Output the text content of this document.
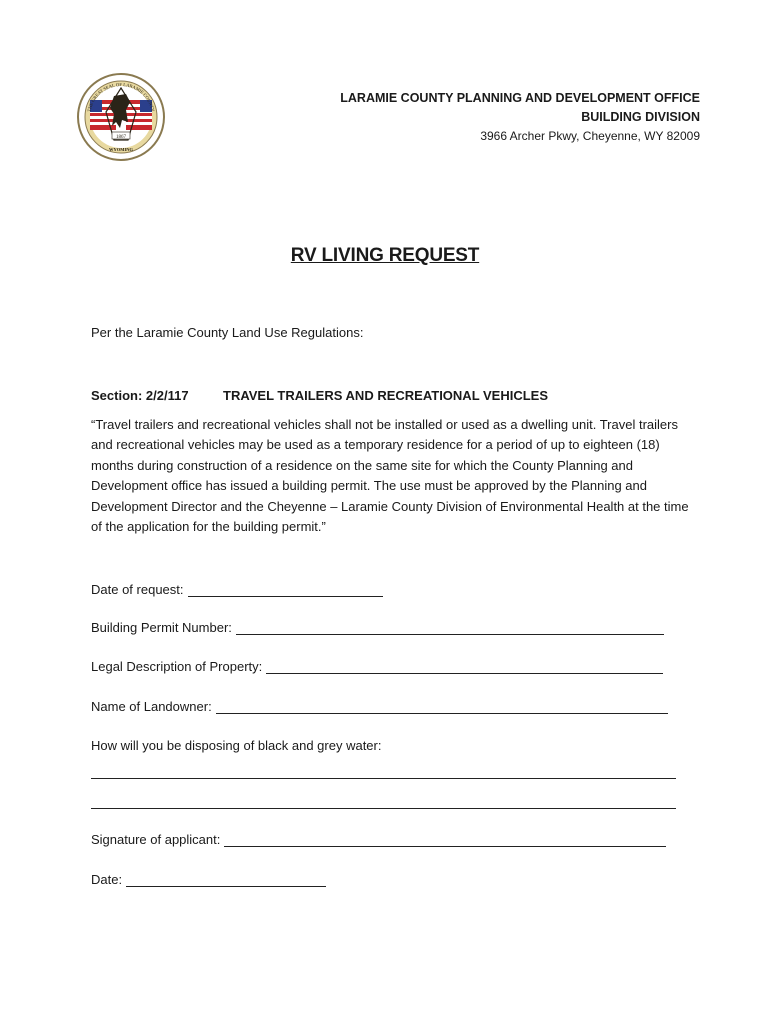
1867
WYOMING
THE GREAT SEAL OF LARAMIE COUNTY
LARAMIE COUNTY PLANNING AND DEVELOPMENT OFFICE
BUILDING DIVISION
3966 Archer Pkwy, Cheyenne, WY 82009
RV LIVING REQUEST
Per the Laramie County Land Use Regulations:
Section: 2/2/117	TRAVEL TRAILERS AND RECREATIONAL VEHICLES
“Travel trailers and recreational vehicles shall not be installed or used as a dwelling unit. Travel trailers and recreational vehicles may be used as a temporary residence for a period of up to eighteen (18) months during construction of a residence on the same site for which the County Planning and Development office has issued a building permit. The use must be approved by the Planning and Development Director and the Cheyenne – Laramie County Division of Environmental Health at the time of the application for the building permit.”
Date of request:
Building Permit Number:
Legal Description of Property:
Name of Landowner:
How will you be disposing of black and grey water:
Signature of applicant:
Date:
